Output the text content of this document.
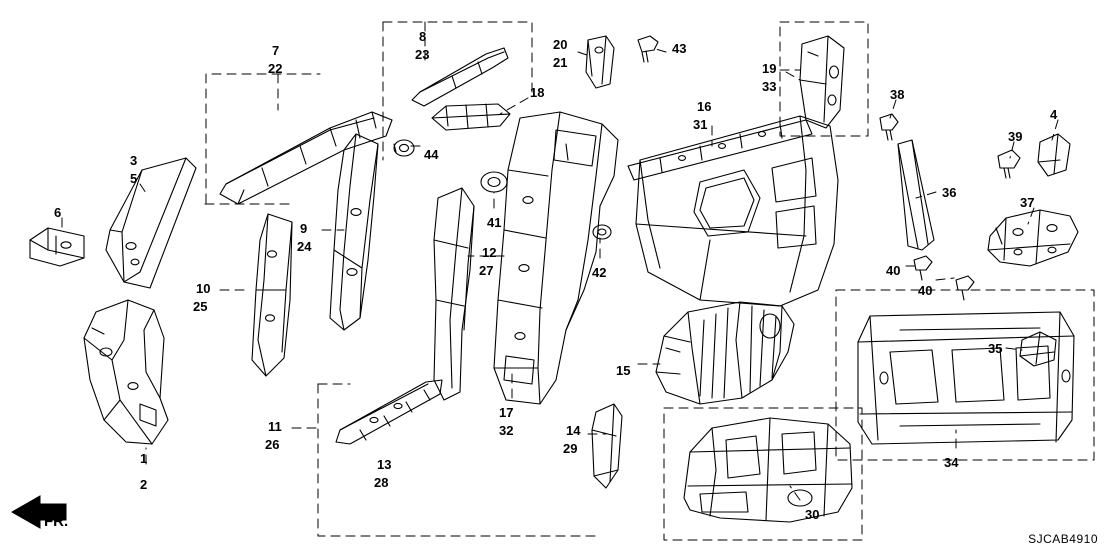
FR.
7
22
8
23
20
21
43
19
33
38
4
39
18
16
31
44
3
5
6
36
37
9
24
41
12
27	42
10
25
40
40
35
15
17
32
11
26
14
29
13
28
1
2
34
30
SJCAB4910
